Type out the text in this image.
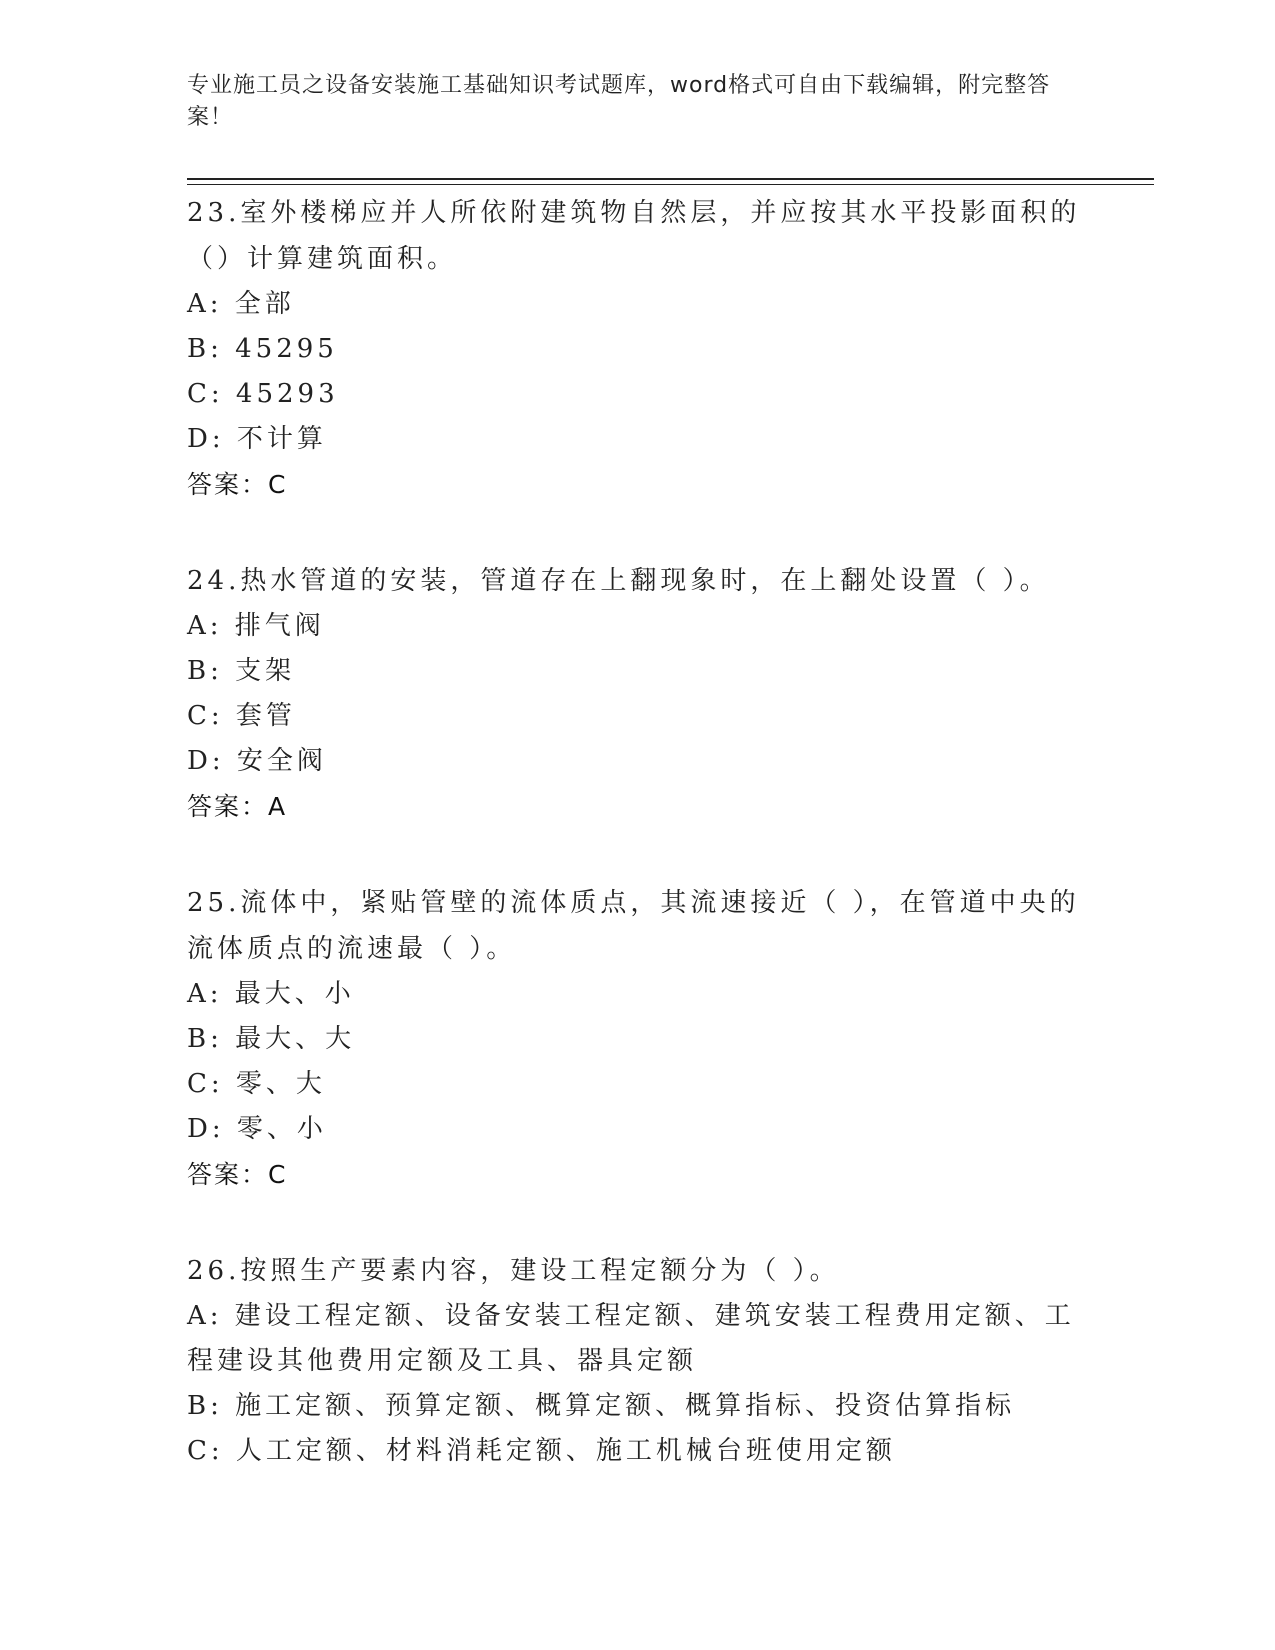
专业施工员之设备安装施工基础知识考试题库，word格式可自由下载编辑，附完整答案！
23.室外楼梯应并人所依附建筑物自然层，并应按其水平投影面积的（）计算建筑面积。
A: 全部
B: 45295
C: 45293
D: 不计算
答案：C
24.热水管道的安装，管道存在上翻现象时，在上翻处设置（ ）。
A: 排气阀
B: 支架
C: 套管
D: 安全阀
答案：A
25.流体中，紧贴管壁的流体质点，其流速接近（ ），在管道中央的流体质点的流速最（ ）。
A: 最大、小
B: 最大、大
C: 零、大
D: 零、小
答案：C
26.按照生产要素内容，建设工程定额分为（ ）。
A: 建设工程定额、设备安装工程定额、建筑安装工程费用定额、工程建设其他费用定额及工具、器具定额
B: 施工定额、预算定额、概算定额、概算指标、投资估算指标
C: 人工定额、材料消耗定额、施工机械台班使用定额
